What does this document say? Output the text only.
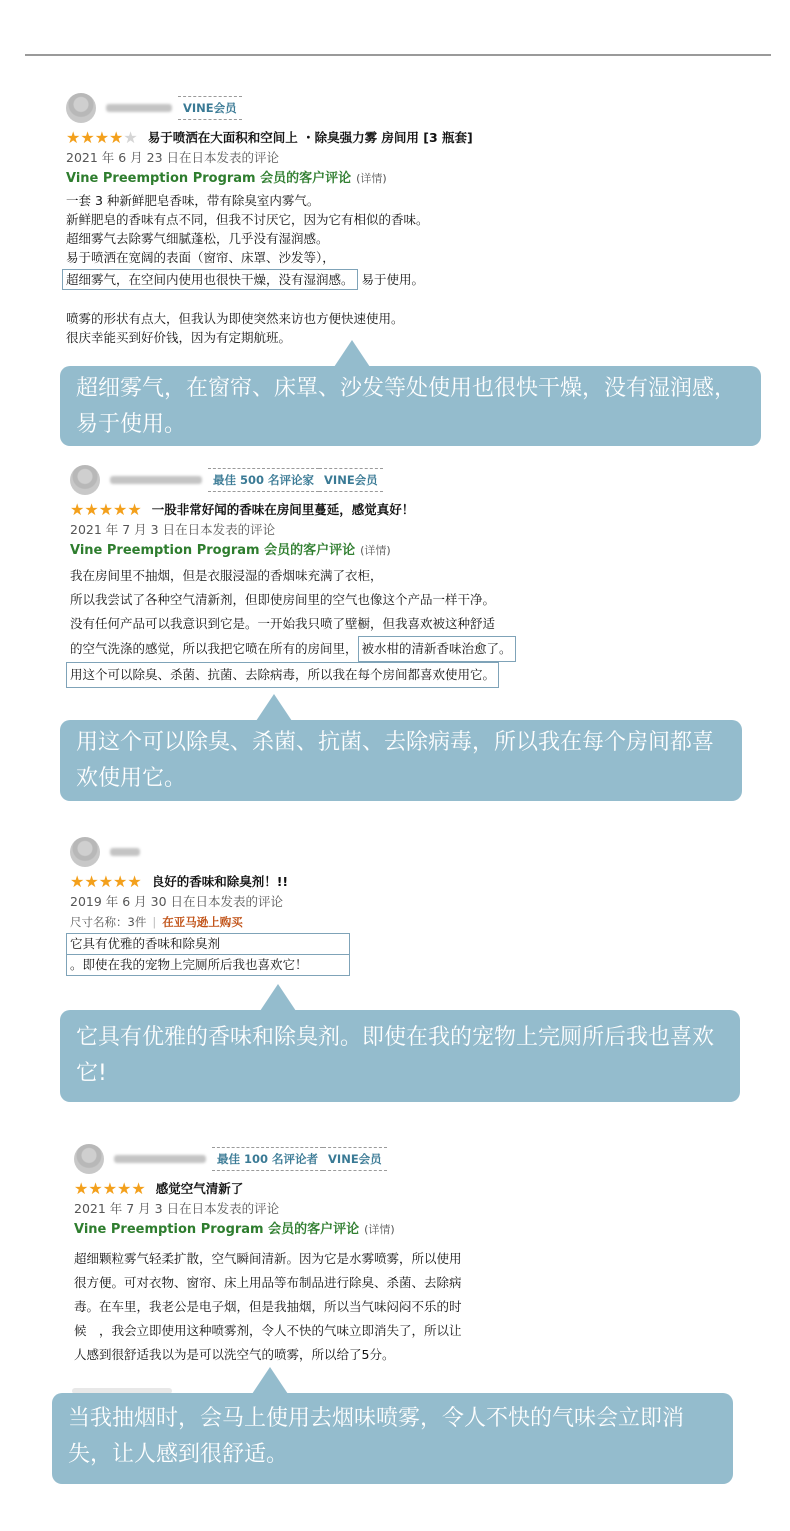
VINE会员
★★★★★ 易于喷洒在大面积和空间上 ・除臭强力雾 房间用 [3 瓶套]
2021 年 6 月 23 日在日本发表的评论
Vine Preemption Program 会员的客户评论 (详情)

一套 3 种新鲜肥皂香味，带有除臭室内雾气。

新鲜肥皂的香味有点不同，但我不讨厌它，因为它有相似的香味。

超细雾气去除雾气细腻蓬松，几乎没有湿润感。

易于喷洒在宽阔的表面（窗帘、床罩、沙发等），

超细雾气，在空间内使用也很快干燥，没有湿润感。 易于使用。

喷雾的形状有点大，但我认为即使突然来访也方便快速使用。

很庆幸能买到好价钱，因为有定期航班。

超细雾气，在窗帘、床罩、沙发等处使用也很快干燥，没有湿润感，易于使用。
最佳 500 名评论家 VINE会员
★★★★★ 一股非常好闻的香味在房间里蔓延，感觉真好！
2021 年 7 月 3 日在日本发表的评论
Vine Preemption Program 会员的客户评论 (详情)

我在房间里不抽烟，但是衣服浸湿的香烟味充满了衣柜，

所以我尝试了各种空气清新剂，但即使房间里的空气也像这个产品一样干净。

没有任何产品可以我意识到它是。一开始我只喷了壁橱，但我喜欢被这种舒适

的空气洗涤的感觉，所以我把它喷在所有的房间里， 被水柑的清新香味治愈了。

用这个可以除臭、杀菌、抗菌、去除病毒，所以我在每个房间都喜欢使用它。

用这个可以除臭、杀菌、抗菌、去除病毒，所以我在每个房间都喜欢使用它。
★★★★★ 良好的香味和除臭剂！!!
2019 年 6 月 30 日在日本发表的评论
尺寸名称：3件 | 在亚马逊上购买

它具有优雅的香味和除臭剂

。即使在我的宠物上完厕所后我也喜欢它！

它具有优雅的香味和除臭剂。即使在我的宠物上完厕所后我也喜欢它!
最佳 100 名评论者 VINE会员
★★★★★ 感觉空气清新了
2021 年 7 月 3 日在日本发表的评论
Vine Preemption Program 会员的客户评论 (详情)

超细颗粒雾气轻柔扩散，空气瞬间清新。因为它是水雾喷雾，所以使用

很方便。可对衣物、窗帘、床上用品等布制品进行除臭、杀菌、去除病

毒。在车里，我老公是电子烟，但是我抽烟，所以当气味闷闷不乐的时

候　，我会立即使用这种喷雾剂，令人不快的气味立即消失了，所以让

人感到很舒适我以为是可以洗空气的喷雾，所以给了5分。

当我抽烟时，会马上使用去烟味喷雾，令人不快的气味会立即消失，让人感到很舒适。
